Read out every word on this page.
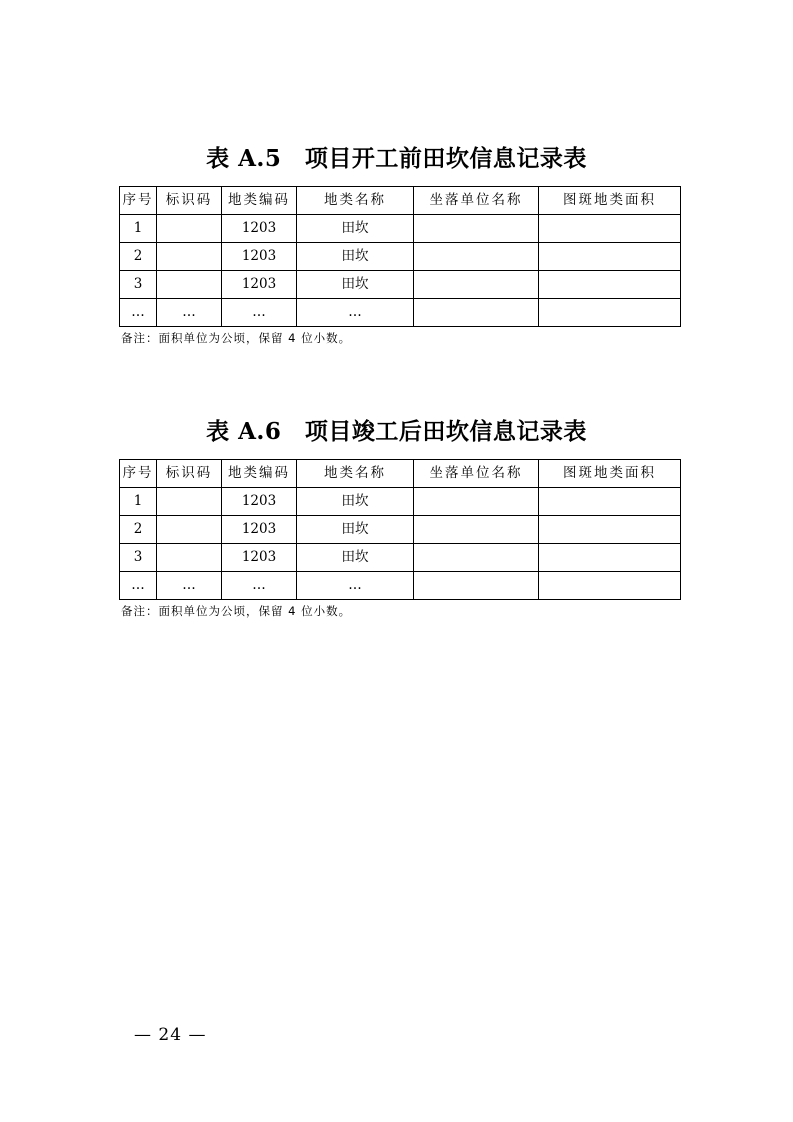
表 A.5　项目开工前田坎信息记录表
序号	标识码	地类编码	地类名称	坐落单位名称	图斑地类面积
1		1203	田坎		
2		1203	田坎		
3		1203	田坎		
…	…	…	…		

备注：面积单位为公顷，保留 4 位小数。

表 A.6　项目竣工后田坎信息记录表
序号	标识码	地类编码	地类名称	坐落单位名称	图斑地类面积
1		1203	田坎		
2		1203	田坎		
3		1203	田坎		
…	…	…	…		

备注：面积单位为公顷，保留 4 位小数。

— 24 —
